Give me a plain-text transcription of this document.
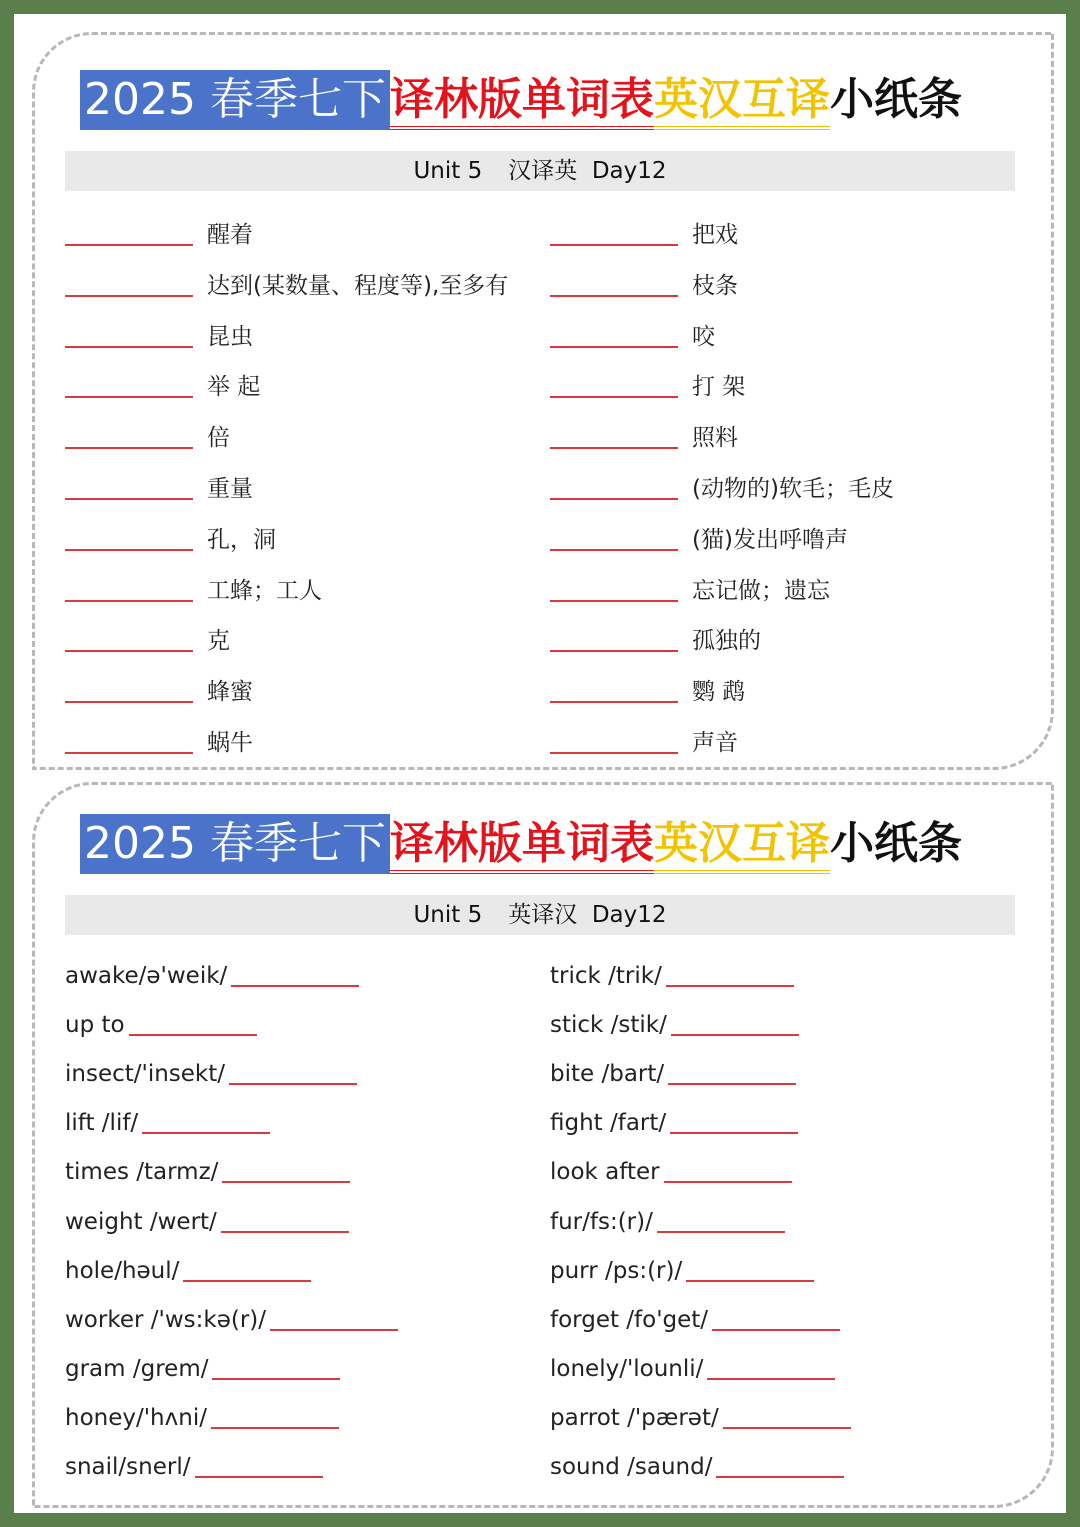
2025 春季七下 译林版单词表 英汉互译 小纸条
Unit 5 汉译英 Day12
醒着
达到(某数量、程度等),至多有
昆虫
举 起
倍
重量
孔，洞
工蜂；工人
克
蜂蜜
蜗牛
把戏
枝条
咬
打 架
照料
(动物的)软毛；毛皮
(猫)发出呼噜声
忘记做；遗忘
孤独的
鹦 鹉
声音
2025 春季七下 译林版单词表 英汉互译 小纸条
Unit 5 英译汉 Day12
awake/ə'weik/
up to
insect/'insekt/
lift /lif/
times /tarmz/
weight /wert/
hole/həul/
worker /'ws:kə(r)/
gram /grem/
honey/'hʌni/
snail/snerl/
trick /trik/
stick /stik/
bite /bart/
fight /fart/
look after
fur/fs:(r)/
purr /ps:(r)/
forget /fo'get/
lonely/'lounli/
parrot /'pærət/
sound /saund/
